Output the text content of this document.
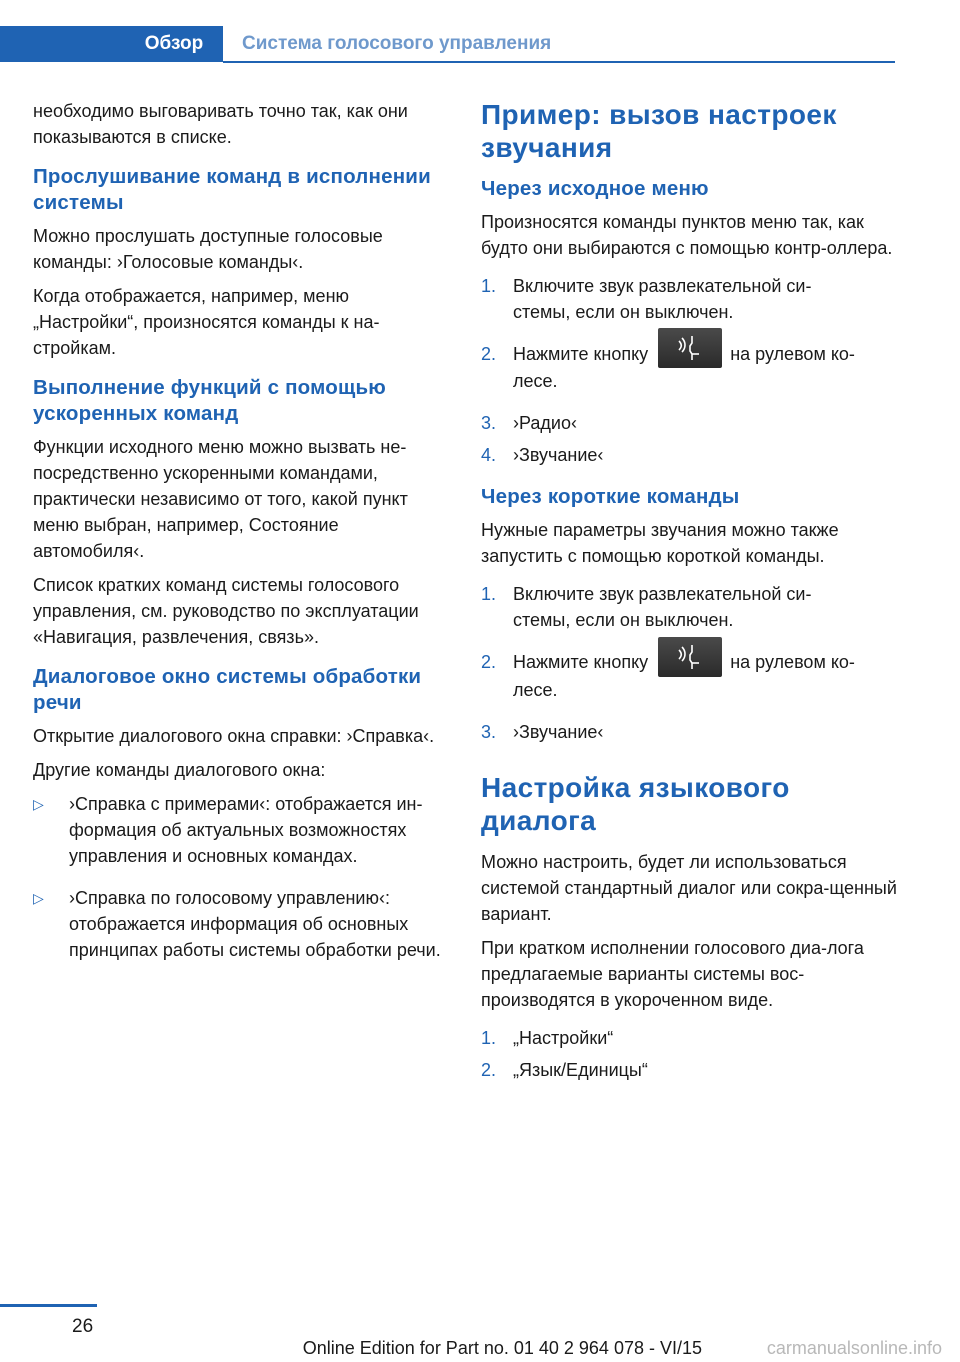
Обзор	Система голосового управления

необходимо выговаривать точно так, как они показываются в списке.

Прослушивание команд в исполнении системы

Можно прослушать доступные голосовые команды: ›Голосовые команды‹.

Когда отображается, например, меню „Настройки“, произносятся команды к на-стройкам.

Выполнение функций с помощью ускоренных команд

Функции исходного меню можно вызвать не-посредственно ускоренными командами, практически независимо от того, какой пункт меню выбран, например, Состояние автомобиля‹.

Список кратких команд системы голосового управления, см. руководство по эксплуатации «Навигация, развлечения, связь».

Диалоговое окно системы обработки речи

Открытие диалогового окна справки: ›Справка‹.

Другие команды диалогового окна:

▷ ›Справка с примерами‹: отображается ин-формация об актуальных возможностях управления и основных командах.
▷ ›Справка по голосовому управлению‹: отображается информация об основных принципах работы системы обработки речи.
Пример: вызов настроек звучания
Через исходное меню

Произносятся команды пунктов меню так, как будто они выбираются с помощью контр-оллера.

1. Включите звук развлекательной си-
стемы, если он выключен.
2. Нажмите кнопку	на рулевом ко-
лесе.
3. ›Радио‹
4. ›Звучание‹
Через короткие команды

Нужные параметры звучания можно также запустить с помощью короткой команды.

1. Включите звук развлекательной си-
стемы, если он выключен.
2. Нажмите кнопку	на рулевом ко-
лесе.
3. ›Звучание‹
Настройка языкового диалога

Можно настроить, будет ли использоваться системой стандартный диалог или сокра-щенный вариант.

При кратком исполнении голосового диа-лога предлагаемые варианты системы вос-производятся в укороченном виде.

1. „Настройки“
2. „Язык/Единицы“
26
Online Edition for Part no. 01 40 2 964 078 - VI/15	carmanualsonline.info
